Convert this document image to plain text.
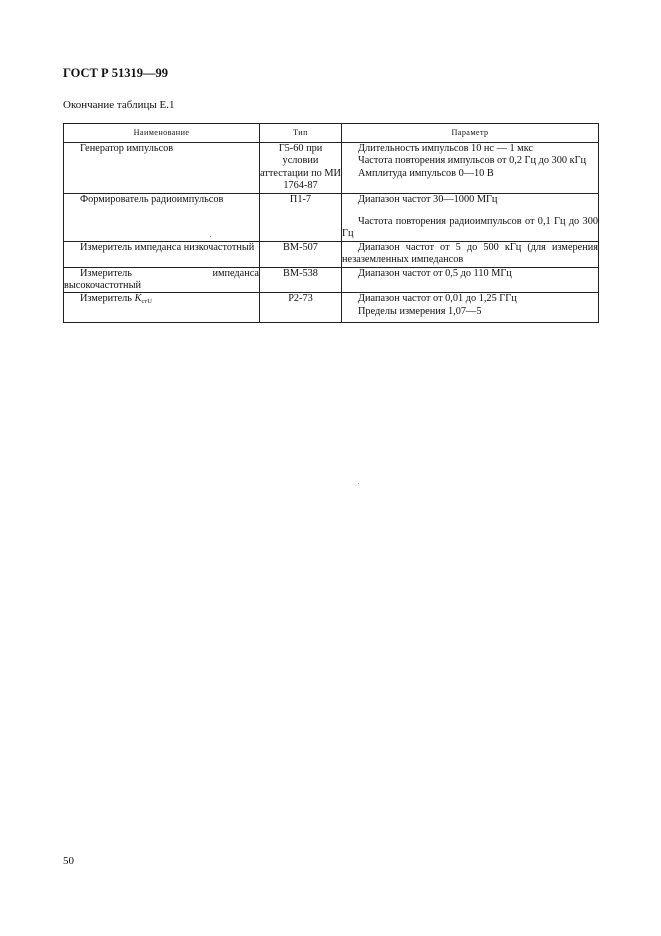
ГОСТ Р 51319—99
Окончание таблицы Е.1
Наименование	Тип	Параметр

Генератор импульсов	Г5-60 при условии аттестации по МИ 1764-87	Длительность импульсов 10 нс — 1 мкс
Частота повторения импульсов от 0,2 Гц до 300 кГц
Амплитуда импульсов 0—10 В

Формирователь радиоимпульсов	П1-7	Диапазон частот 30—1000 МГц
Частота повторения радиоимпульсов от 0,1 Гц до 300 Гц

Измеритель импеданса низкочастотный	ВМ-507	Диапазон частот от 5 до 500 кГц (для измерения незаземленных импедансов

Измеритель импеданса высокочастотный	ВМ-538	Диапазон частот от 0,5 до 110 МГц

Измеритель KстU	Р2-73	Диапазон частот от 0,01 до 1,25 ГГц
Пределы измерения 1,07—5
50
